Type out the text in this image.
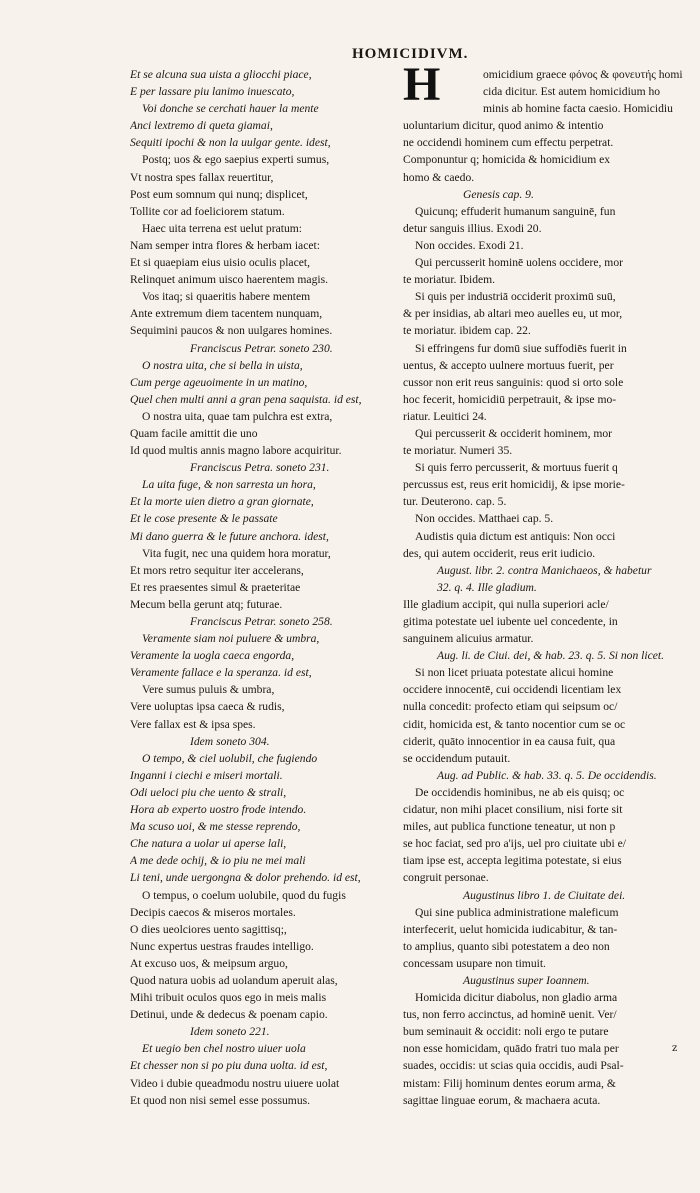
HOMICIDIVM.
H
Et se alcuna sua uista a gliocchi piace,
E per lassare piu lanimo inuescato,
Voi donche se cerchati hauer la mente
Anci lextremo di queta giamai,
Sequiti ipochi & non la uulgar gente. idest,
Postq; uos & ego saepius experti sumus,
Vt nostra spes fallax reuertitur,
Post eum somnum qui nunq; displicet,
Tollite cor ad foeliciorem statum.
Haec uita terrena est uelut pratum:
Nam semper intra flores & herbam iacet:
Et si quaepiam eius uisio oculis placet,
Relinquet animum uisco haerentem magis.
Vos itaq; si quaeritis habere mentem
Ante extremum diem tacentem nunquam,
Sequimini paucos & non uulgares homines.
Franciscus Petrar. soneto 230.
O nostra uita, che si bella in uista,
Cum perge ageuoimente in un matino,
Quel chen multi anni a gran pena saquista. id est,
O nostra uita, quae tam pulchra est extra,
Quam facile amittit die uno
Id quod multis annis magno labore acquiritur.
Franciscus Petra. soneto 231.
La uita fuge, & non sarresta un hora,
Et la morte uien dietro a gran giornate,
Et le cose presente & le passate
Mi dano guerra & le future anchora. idest,
Vita fugit, nec una quidem hora moratur,
Et mors retro sequitur iter accelerans,
Et res praesentes simul & praeteritae
Mecum bella gerunt atq; futurae.
Franciscus Petrar. soneto 258.
Veramente siam noi puluere & umbra,
Veramente la uogla caeca engorda,
Veramente fallace e la speranza. id est,
Vere sumus puluis & umbra,
Vere uoluptas ipsa caeca & rudis,
Vere fallax est & ipsa spes.
Idem soneto 304.
O tempo, & ciel uolubil, che fugiendo
Inganni i ciechi e miseri mortali.
Odi ueloci piu che uento & strali,
Hora ab experto uostro frode intendo.
Ma scuso uoi, & me stesse reprendo,
Che natura a uolar ui aperse lali,
A me dede ochij, & io piu ne mei mali
Li teni, unde uergongna & dolor prehendo. id est,
O tempus, o coelum uolubile, quod du fugis
Decipis caecos & miseros mortales.
O dies ueolciores uento sagittisq;,
Nunc expertus uestras fraudes intelligo.
At excuso uos, & meipsum arguo,
Quod natura uobis ad uolandum aperuit alas,
Mihi tribuit oculos quos ego in meis malis
Detinui, unde & dedecus & poenam capio.
Idem soneto 221.
Et uegio ben chel nostro uiuer uola
Et chesser non si po piu duna uolta. id est,
Video i dubie queadmodu nostru uiuere uolat
Et quod non nisi semel esse possumus.
omicidium graece φόνος & φονευτής homi
cida dicitur. Est autem homicidium ho
minis ab homine facta caesio. Homicidiu
uoluntarium dicitur, quod animo & intentio
ne occidendi hominem cum effectu perpetrat.
Componuntur q; homicida & homicidium ex
homo & caedo.
Genesis cap. 9.
Quicunq; effuderit humanum sanguinē, fun
detur sanguis illius. Exodi 20.
Non occides. Exodi 21.
Qui percusserit hominē uolens occidere, mor
te moriatur. Ibidem.
Si quis per industriā occiderit proximū suū,
& per insidias, ab altari meo auelles eu, ut mor,
te moriatur. ibidem cap. 22.
Si effringens fur domū siue suffodiēs fuerit in
uentus, & accepto uulnere mortuus fuerit, per
cussor non erit reus sanguinis: quod si orto sole
hoc fecerit, homicidiū perpetrauit, & ipse mo-
riatur. Leuitici 24.
Qui percusserit & occiderit hominem, mor
te moriatur. Numeri 35.
Si quis ferro percusserit, & mortuus fuerit q
percussus est, reus erit homicidij, & ipse morie-
tur. Deuterono. cap. 5.
Non occides. Matthaei cap. 5.
Audistis quia dictum est antiquis: Non occi
des, qui autem occiderit, reus erit iudicio.
August. libr. 2. contra Manichaeos, & habetur
32. q. 4. Ille gladium.
Ille gladium accipit, qui nulla superiori acle/
gitima potestate uel iubente uel concedente, in
sanguinem alicuius armatur.
Aug. li. de Ciui. dei, & hab. 23. q. 5. Si non licet.
Si non licet priuata potestate alicui homine
occidere innocentē, cui occidendi licentiam lex
nulla concedit: profecto etiam qui seipsum oc/
cidit, homicida est, & tanto nocentior cum se oc
ciderit, quāto innocentior in ea causa fuit, qua
se occidendum putauit.
Aug. ad Public. & hab. 33. q. 5. De occidendis.
De occidendis hominibus, ne ab eis quisq; oc
cidatur, non mihi placet consilium, nisi forte sit
miles, aut publica functione teneatur, ut non p
se hoc faciat, sed pro a'ijs, uel pro ciuitate ubi e/
tiam ipse est, accepta legitima potestate, si eius
congruit personae.
Augustinus libro 1. de Ciuitate dei.
Qui sine publica administratione maleficum
interfecerit, uelut homicida iudicabitur, & tan-
to amplius, quanto sibi potestatem a deo non
concessam usupare non timuit.
Augustinus super Ioannem.
Homicida dicitur diabolus, non gladio arma
tus, non ferro accinctus, ad hominē uenit. Ver/
bum seminauit & occidit: noli ergo te putare
non esse homicidam, quādo fratri tuo mala per
suades, occidis: ut scias quia occidis, audi Psal-
mistam: Filij hominum dentes eorum arma, &
sagittae linguae eorum, & machaera acuta.
z
